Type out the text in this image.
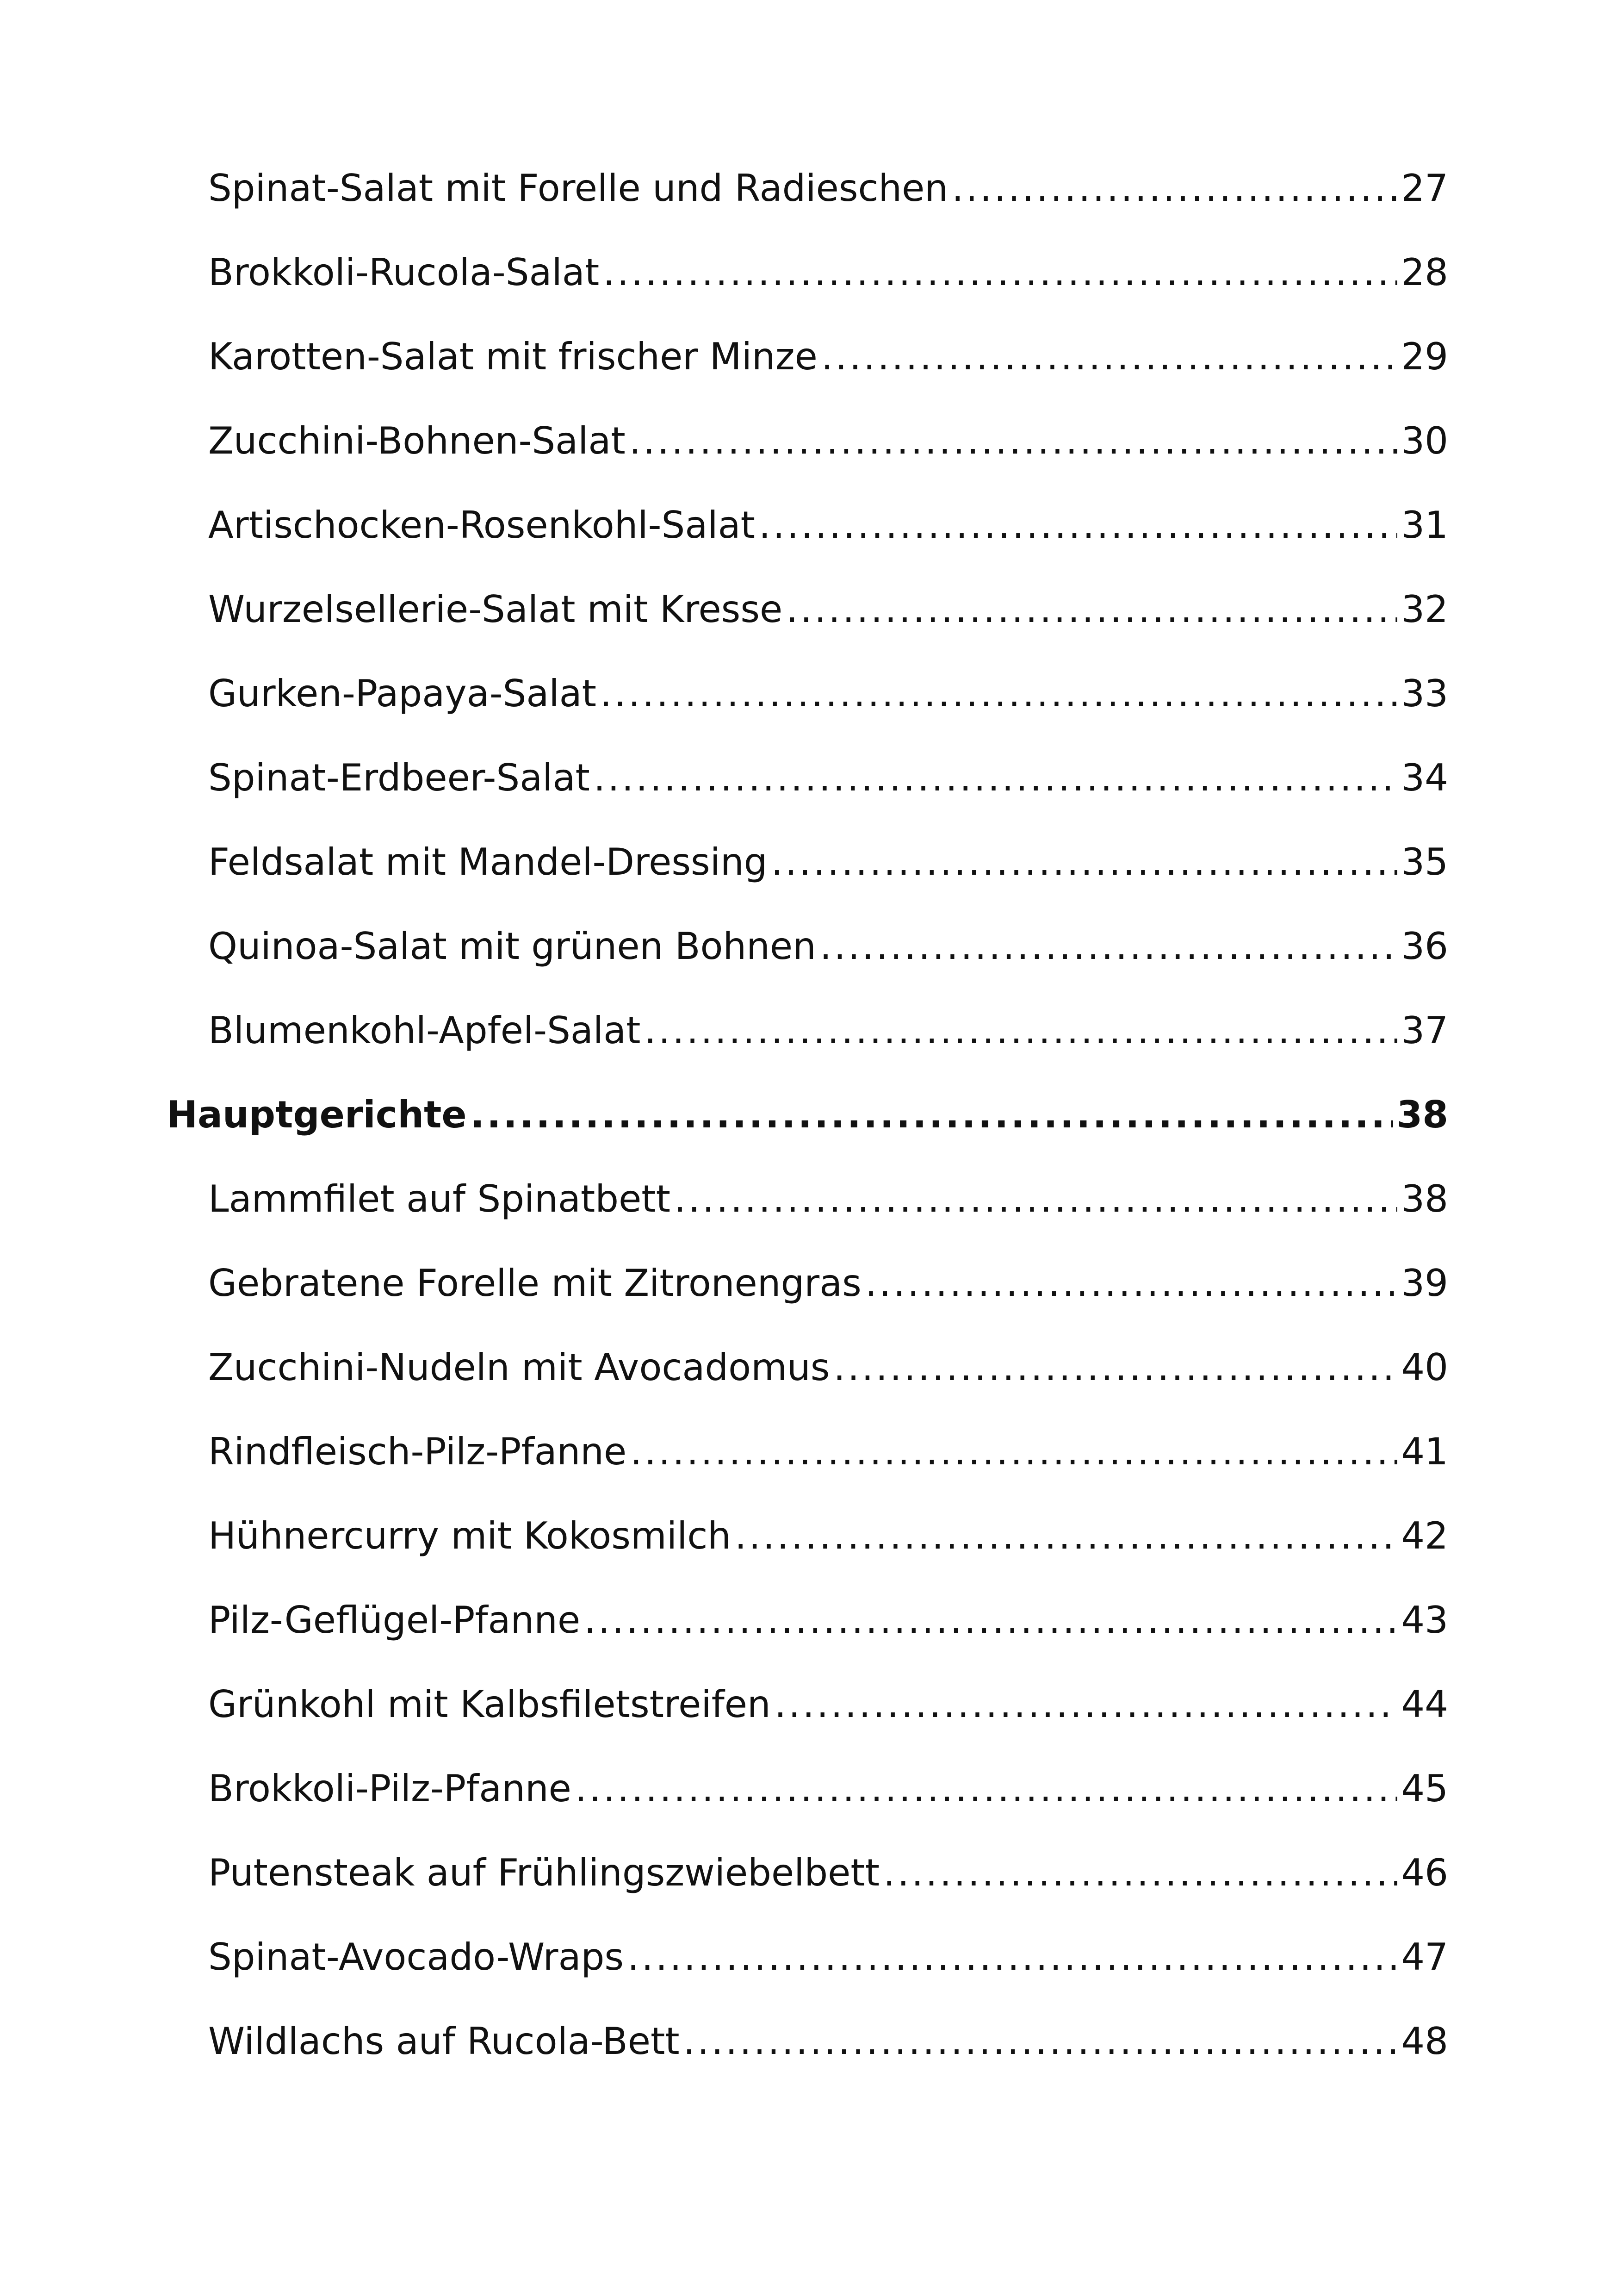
Spinat-Salat mit Forelle und Radieschen .....	27
Brokkoli-Rucola-Salat .....	28
Karotten-Salat mit frischer Minze .....	29
Zucchini-Bohnen-Salat .....	30
Artischocken-Rosenkohl-Salat .....	31
Wurzelsellerie-Salat mit Kresse .....	32
Gurken-Papaya-Salat .....	33
Spinat-Erdbeer-Salat .....	34
Feldsalat mit Mandel-Dressing .....	35
Quinoa-Salat mit grünen Bohnen .....	36
Blumenkohl-Apfel-Salat .....	37
Hauptgerichte .....	38
Lammfilet auf Spinatbett .....	38
Gebratene Forelle mit Zitronengras .....	39
Zucchini-Nudeln mit Avocadomus .....	40
Rindfleisch-Pilz-Pfanne .....	41
Hühnercurry mit Kokosmilch .....	42
Pilz-Geflügel-Pfanne .....	43
Grünkohl mit Kalbsfiletstreifen .....	44
Brokkoli-Pilz-Pfanne .....	45
Putensteak auf Frühlingszwiebelbett .....	46
Spinat-Avocado-Wraps .....	47
Wildlachs auf Rucola-Bett .....	48
